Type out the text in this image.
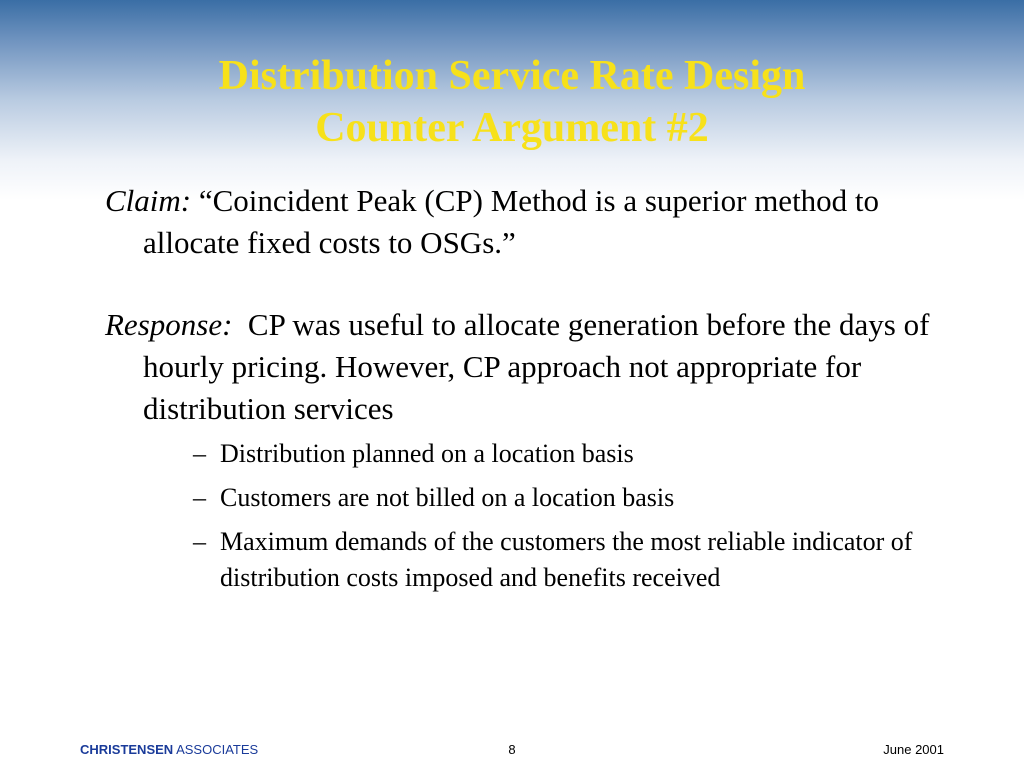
Distribution Service Rate Design
Counter Argument #2

Claim: “Coincident Peak (CP) Method is a superior method to allocate fixed costs to OSGs.”

Response: CP was useful to allocate generation before the days of hourly pricing. However, CP approach not appropriate for distribution services

– Distribution planned on a location basis
– Customers are not billed on a location basis
– Maximum demands of the customers the most reliable indicator of distribution costs imposed and benefits received
CHRISTENSEN ASSOCIATES	8	June 2001
